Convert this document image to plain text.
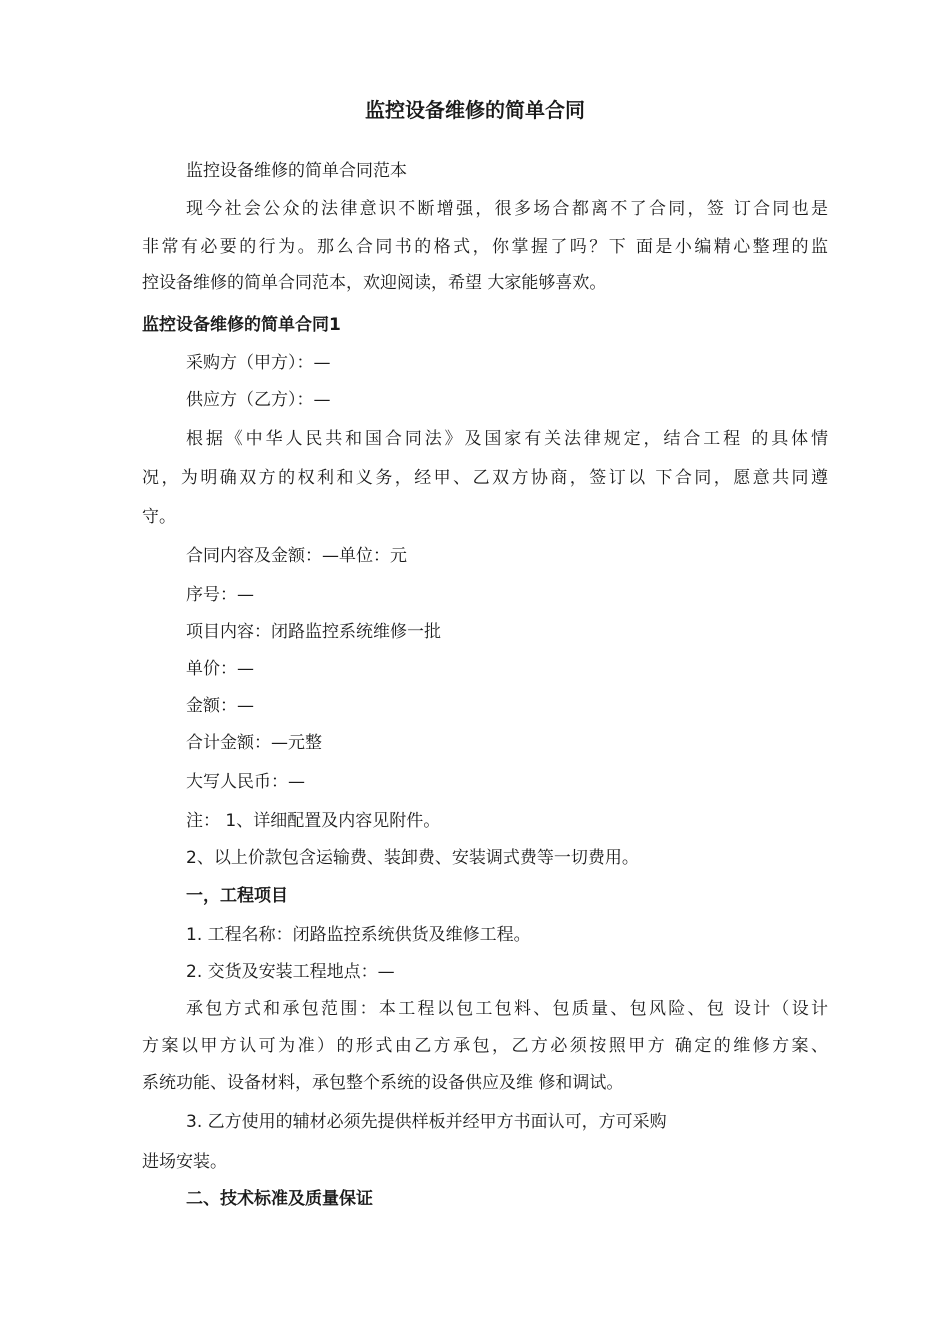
监控设备维修的简单合同

监控设备维修的简单合同范本

现今社会公众的法律意识不断增强，很多场合都离不了合同，签 订合同也是

非常有必要的行为。那么合同书的格式，你掌握了吗？下 面是小编精心整理的监

控设备维修的简单合同范本，欢迎阅读，希望 大家能够喜欢。

监控设备维修的简单合同1

采购方（甲方）：—

供应方（乙方）：—

根据《中华人民共和国合同法》及国家有关法律规定，结合工程 的具体情

况，为明确双方的权利和义务，经甲、乙双方协商，签订以 下合同，愿意共同遵

守。

合同内容及金额：—单位：元

序号：—

项目内容：闭路监控系统维修一批

单价：—

金额：—

合计金额：—元整

大写人民币：—

注： 1、详细配置及内容见附件。

2、以上价款包含运输费、装卸费、安装调式费等一切费用。

一，工程项目

1. 工程名称：闭路监控系统供货及维修工程。

2. 交货及安装工程地点：—

承包方式和承包范围：本工程以包工包料、包质量、包风险、包 设计（设计

方案以甲方认可为准）的形式由乙方承包，乙方必须按照甲方 确定的维修方案、

系统功能、设备材料，承包整个系统的设备供应及维 修和调试。

3. 乙方使用的辅材必须先提供样板并经甲方书面认可，方可采购

进场安装。

二、技术标准及质量保证
